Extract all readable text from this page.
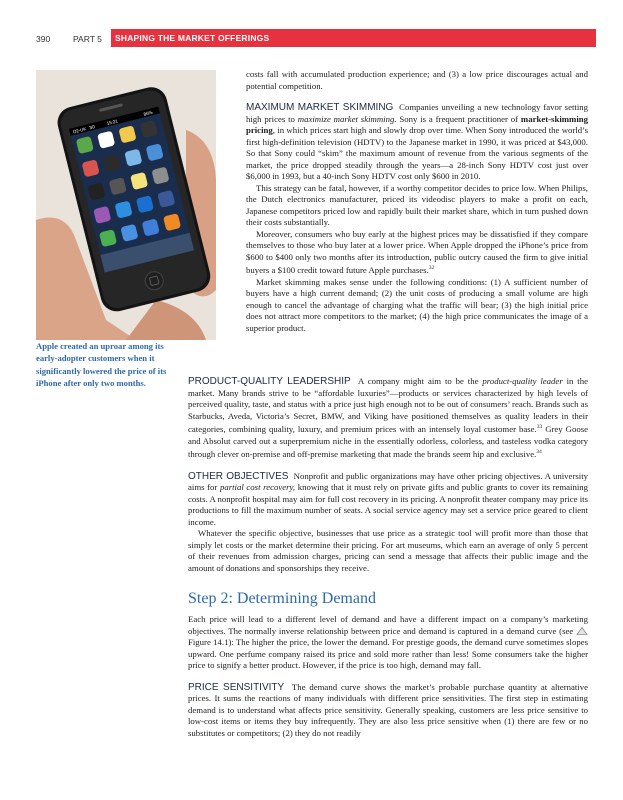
390	PART 5	SHAPING THE MARKET OFFERINGS
O2-UK 3G
15:21
86%
Apple created an uproar among its early-adopter customers when it significantly lowered the price of its iPhone after only two months.

costs fall with accumulated production experience; and (3) a low price discourages actual and potential competition.

MAXIMUM MARKET SKIMMING Companies unveiling a new technology favor setting high prices to maximize market skimming. Sony is a frequent practitioner of market-skimming pricing, in which prices start high and slowly drop over time. When Sony introduced the world’s first high-definition television (HDTV) to the Japanese market in 1990, it was priced at $43,000. So that Sony could “skim” the maximum amount of revenue from the various segments of the market, the price dropped steadily through the years—a 28-inch Sony HDTV cost just over $6,000 in 1993, but a 40-inch Sony HDTV cost only $600 in 2010.

This strategy can be fatal, however, if a worthy competitor decides to price low. When Philips, the Dutch electronics manufacturer, priced its videodisc players to make a profit on each, Japanese competitors priced low and rapidly built their market share, which in turn pushed down their costs substantially.

Moreover, consumers who buy early at the highest prices may be dissatisfied if they compare themselves to those who buy later at a lower price. When Apple dropped the iPhone’s price from $600 to $400 only two months after its introduction, public outcry caused the firm to give initial buyers a $100 credit toward future Apple purchases.$^{32}$

Market skimming makes sense under the following conditions: (1) A sufficient number of buyers have a high current demand; (2) the unit costs of producing a small volume are high enough to cancel the advantage of charging what the traffic will bear; (3) the high initial price does not attract more competitors to the market; (4) the high price communicates the image of a superior product.

PRODUCT-QUALITY LEADERSHIP A company might aim to be the product-quality leader in the market. Many brands strive to be “affordable luxuries”—products or services characterized by high levels of perceived quality, taste, and status with a price just high enough not to be out of consumers’ reach. Brands such as Starbucks, Aveda, Victoria’s Secret, BMW, and Viking have positioned themselves as quality leaders in their categories, combining quality, luxury, and premium prices with an intensely loyal customer base.$^{33}$ Grey Goose and Absolut carved out a superpremium niche in the essentially odorless, colorless, and tasteless vodka category through clever on-premise and off-premise marketing that made the brands seem hip and exclusive.$^{34}$

OTHER OBJECTIVES Nonprofit and public organizations may have other pricing objectives. A university aims for partial cost recovery, knowing that it must rely on private gifts and public grants to cover its remaining costs. A nonprofit hospital may aim for full cost recovery in its pricing. A nonprofit theater company may price its productions to fill the maximum number of seats. A social service agency may set a service price geared to client income.

Whatever the specific objective, businesses that use price as a strategic tool will profit more than those that simply let costs or the market determine their pricing. For art museums, which earn an average of only 5 percent of their revenues from admission charges, pricing can send a message that affects their public image and the amount of donations and sponsorships they receive.

Step 2: Determining Demand

Each price will lead to a different level of demand and have a different impact on a company’s marketing objectives. The normally inverse relationship between price and demand is captured in a demand curve (see  Figure 14.1): The higher the price, the lower the demand. For prestige goods, the demand curve sometimes slopes upward. One perfume company raised its price and sold more rather than less! Some consumers take the higher price to signify a better product. However, if the price is too high, demand may fall.

PRICE SENSITIVITY The demand curve shows the market’s probable purchase quantity at alternative prices. It sums the reactions of many individuals with different price sensitivities. The first step in estimating demand is to understand what affects price sensitivity. Generally speaking, customers are less price sensitive to low-cost items or items they buy infrequently. They are also less price sensitive when (1) there are few or no substitutes or competitors; (2) they do not readily
